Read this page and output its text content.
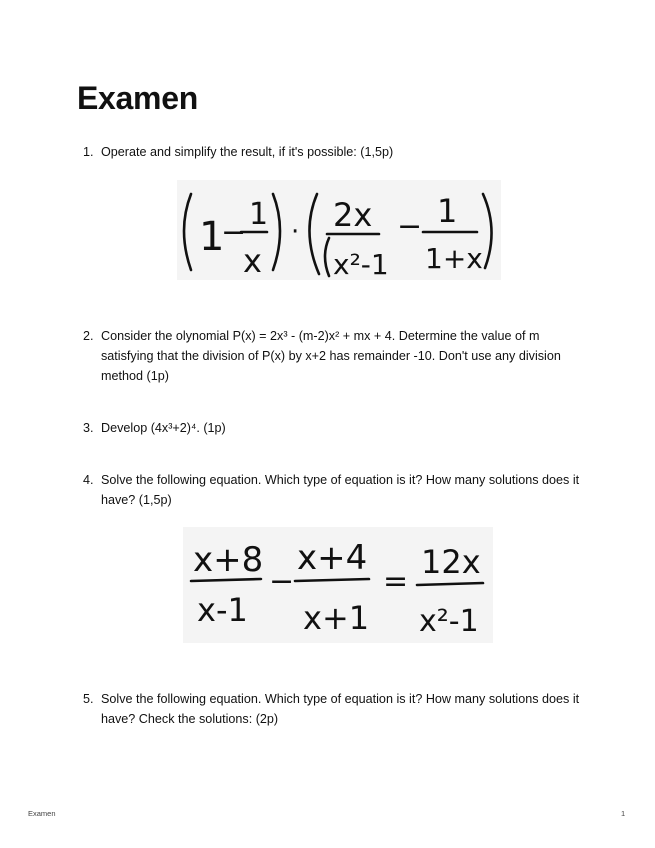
Examen
1. Operate and simplify the result, if it's possible: (1,5p)
1
−
1
x
· 2x
x²-1
− 1
1+x
2. Consider the olynomial P(x) = 2x³ - (m-2)x² + mx + 4. Determine the value of m satisfying that the division of P(x) by x+2 has remainder -10. Don't use any division method (1p)
3. Develop (4x³+2)⁴. (1p)
4. Solve the following equation. Which type of equation is it? How many solutions does it have? (1,5p)
x+8
x-1
−
x+4
x+1
=
12x
x²-1
5. Solve the following equation. Which type of equation is it? How many solutions does it have? Check the solutions: (2p)
Examen	1
